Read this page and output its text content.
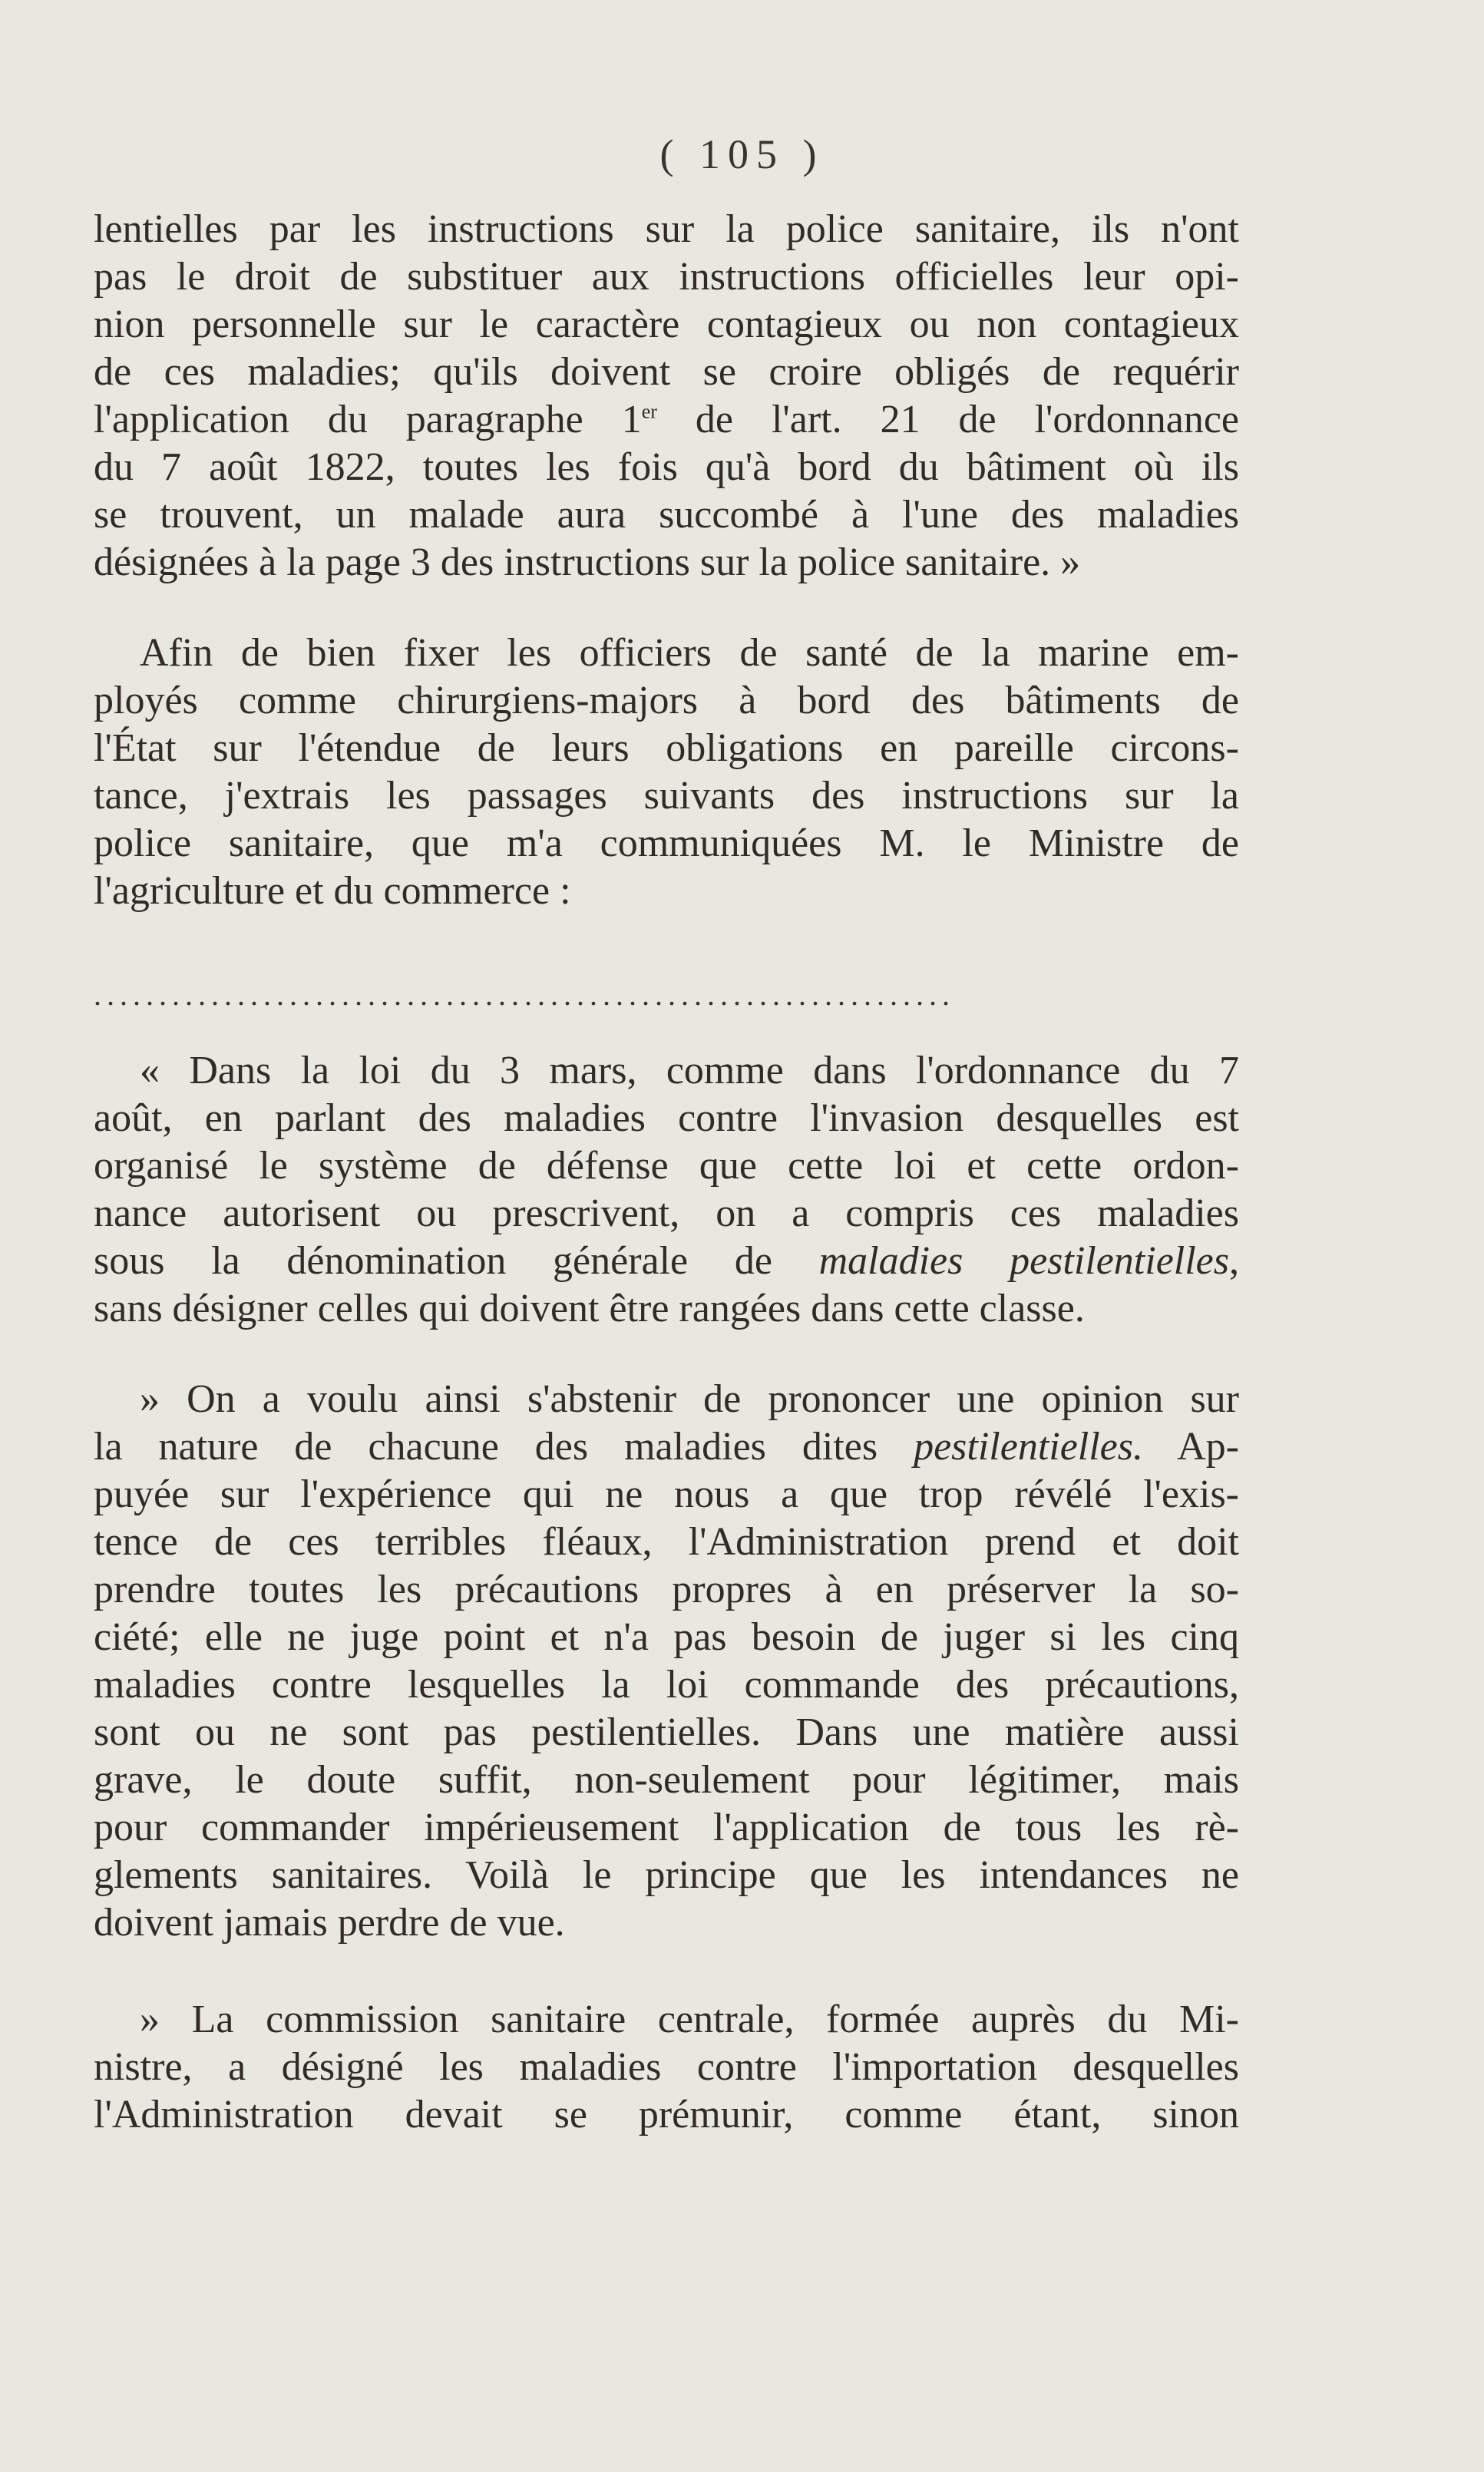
( 105 )
lentielles par les instructions sur la police sanitaire, ils n'ont
pas le droit de substituer aux instructions officielles leur opi-
nion personnelle sur le caractère contagieux ou non contagieux
de ces maladies; qu'ils doivent se croire obligés de requérir
l'application du paragraphe 1er de l'art. 21 de l'ordonnance
du 7 août 1822, toutes les fois qu'à bord du bâtiment où ils
se trouvent, un malade aura succombé à l'une des maladies
désignées à la page 3 des instructions sur la police sanitaire. »
Afin de bien fixer les officiers de santé de la marine em-
ployés comme chirurgiens-majors à bord des bâtiments de
l'État sur l'étendue de leurs obligations en pareille circons-
tance, j'extrais les passages suivants des instructions sur la
police sanitaire, que m'a communiquées M. le Ministre de
l'agriculture et du commerce :
..................................................................
« Dans la loi du 3 mars, comme dans l'ordonnance du 7
août, en parlant des maladies contre l'invasion desquelles est
organisé le système de défense que cette loi et cette ordon-
nance autorisent ou prescrivent, on a compris ces maladies
sous la dénomination générale de maladies pestilentielles,
sans désigner celles qui doivent être rangées dans cette classe.
» On a voulu ainsi s'abstenir de prononcer une opinion sur
la nature de chacune des maladies dites pestilentielles. Ap-
puyée sur l'expérience qui ne nous a que trop révélé l'exis-
tence de ces terribles fléaux, l'Administration prend et doit
prendre toutes les précautions propres à en préserver la so-
ciété; elle ne juge point et n'a pas besoin de juger si les cinq
maladies contre lesquelles la loi commande des précautions,
sont ou ne sont pas pestilentielles. Dans une matière aussi
grave, le doute suffit, non-seulement pour légitimer, mais
pour commander impérieusement l'application de tous les rè-
glements sanitaires. Voilà le principe que les intendances ne
doivent jamais perdre de vue.
» La commission sanitaire centrale, formée auprès du Mi-
nistre, a désigné les maladies contre l'importation desquelles
l'Administration devait se prémunir, comme étant, sinon
